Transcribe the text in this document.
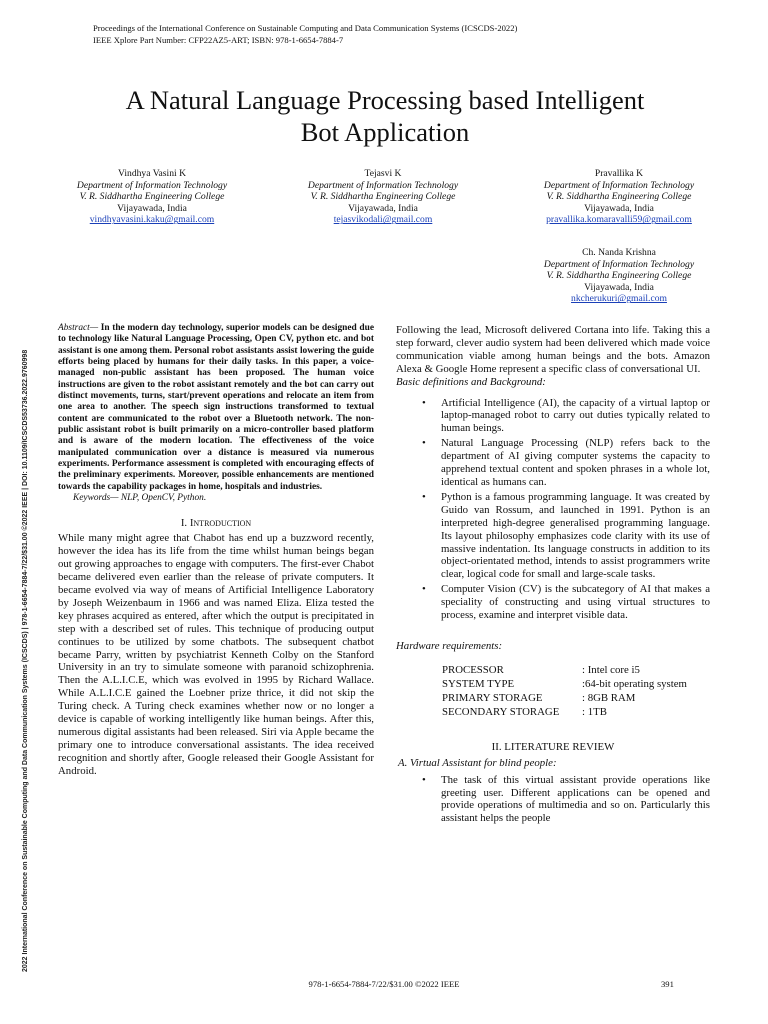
Proceedings of the International Conference on Sustainable Computing and Data Communication Systems (ICSCDS-2022)
IEEE Xplore Part Number: CFP22AZ5-ART; ISBN: 978-1-6654-7884-7
A Natural Language Processing based Intelligent
Bot Application
Vindhya Vasini K
Department of Information Technology
V. R. Siddhartha Engineering College
Vijayawada, India
vindhyavasini.kaku@gmail.com
Tejasvi K
Department of Information Technology
V. R. Siddhartha Engineering College
Vijayawada, India
tejasvikodali@gmail.com
Pravallika K
Department of Information Technology
V. R. Siddhartha Engineering College
Vijayawada, India
pravallika.komaravalli59@gmail.com
Ch. Nanda Krishna
Department of Information Technology
V. R. Siddhartha Engineering College
Vijayawada, India
nkcherukuri@gmail.com
2022 International Conference on Sustainable Computing and Data Communication Systems (ICSCDS) | 978-1-6654-7884-7/22/$31.00 ©2022 IEEE | DOI: 10.1109/ICSCDS53736.2022.9760998

Abstract— In the modern day technology, superior models can be designed due to technology like Natural Language Processing, Open CV, python etc. and bot assistant is one among them. Personal robot assistants assist lowering the guide efforts being placed by humans for their daily tasks. In this paper, a voice-managed non-public assistant has been proposed. The human voice instructions are given to the robot assistant remotely and the bot can carry out distinct movements, turns, start/prevent operations and relocate an item from one area to another. The speech sign instructions transformed to textual content are communicated to the robot over a Bluetooth network. The non-public assistant robot is built primarily on a micro-controller based platform and is aware of the modern location. The effectiveness of the voice manipulated communication over a distance is measured via numerous experiments. Performance assessment is completed with encouraging effects of the preliminary experiments. Moreover, possible enhancements are mentioned towards the capability packages in home, hospitals and industries.

Keywords— NLP, OpenCV, Python.

I. Introduction

While many might agree that Chabot has end up a buzzword recently, however the idea has its life from the time whilst human beings began out growing approaches to engage with computers. The first-ever Chabot became delivered even earlier than the release of private computers. It became evolved via way of means of Artificial Intelligence Laboratory by Joseph Weizenbaum in 1966 and was named Eliza. Eliza tested the key phrases acquired as entered, after which the output is precipitated in step with a described set of rules. This technique of producing output continues to be utilized by some chatbots. The subsequent chatbot became Parry, written by psychiatrist Kenneth Colby on the Stanford University in an try to simulate someone with paranoid schizophrenia. Then the A.L.I.C.E, which was evolved in 1995 by Richard Wallace. While A.L.I.C.E gained the Loebner prize thrice, it did not skip the Turing check. A Turing check examines whether now or no longer a device is capable of working intelligently like human beings. After this, numerous digital assistants had been released. Siri via Apple became the primary one to introduce conversational assistants. The idea received recognition and shortly after, Google released their Google Assistant for Android.

Following the lead, Microsoft delivered Cortana into life. Taking this a step forward, clever audio system had been delivered which made voice communication viable among human beings and the bots. Amazon Alexa & Google Home represent a specific class of conversational UI.

Basic definitions and Background:

• Artificial Intelligence (AI), the capacity of a virtual laptop or laptop-managed robot to carry out duties typically related to human beings.
• Natural Language Processing (NLP) refers back to the department of AI giving computer systems the capacity to apprehend textual content and spoken phrases in a whole lot, identical as humans can.
• Python is a famous programming language. It was created by Guido van Rossum, and launched in 1991. Python is an interpreted high-degree generalised programming language. Its layout philosophy emphasizes code clarity with its use of massive indentation. Its language constructs in addition to its object-orientated method, intends to assist programmers write clear, logical code for small and large-scale tasks.
• Computer Vision (CV) is the subcategory of AI that makes a speciality of constructing and using virtual structures to process, examine and interpret visible data.

Hardware requirements:

PROCESSOR	: Intel core i5
SYSTEM TYPE	:64-bit operating system
PRIMARY STORAGE	: 8GB RAM
SECONDARY STORAGE	: 1TB
II. LITERATURE REVIEW

A. Virtual Assistant for blind people:

• The task of this virtual assistant provide operations like greeting user. Different applications can be opened and provide operations of multimedia and so on. Particularly this assistant helps the people
978-1-6654-7884-7/22/$31.00 ©2022 IEEE	391
